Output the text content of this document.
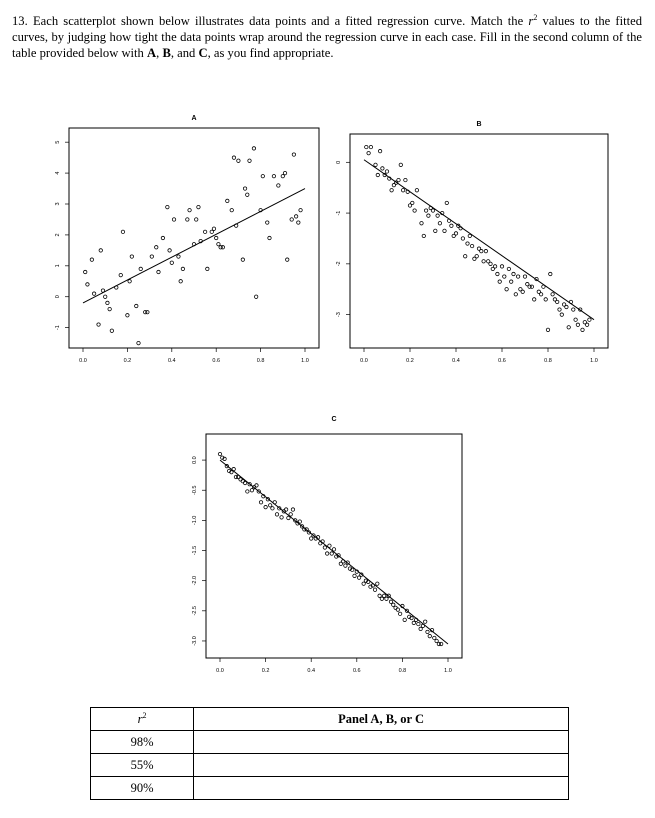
13. Each scatterplot shown below illustrates data points and a fitted regression curve. Match the $r^2$ values to the fitted curves, by judging how tight the data points wrap around the regression curve in each case. Fill in the second column of the table provided below with A, B, and C, as you find appropriate.

A
0.0	0.2	0.4	0.6	0.8	1.0
-1
0
1
2
3
4
5
B
0.0	0.2	0.4	0.6	0.8	1.0
-3
-2
-1
0
C
0.0	0.2	0.4	0.6	0.8	1.0
0.0
-0.5
-1.0
-1.5
-2.0
-2.5
-3.0
$r^2$	Panel A, B, or C
98%	
55%	
90%	
